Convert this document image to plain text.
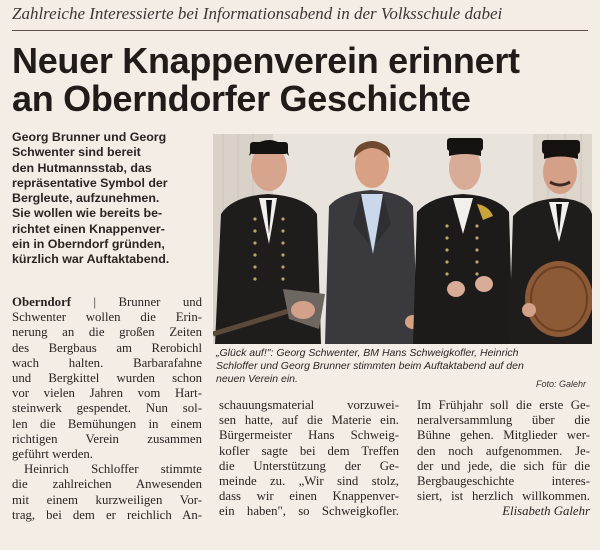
Zahlreiche Interessierte bei Informationsabend in der Volksschule dabei
Neuer Knappenverein erinnert
an Oberndorfer Geschichte
Georg Brunner und Georg
Schwenter sind bereit
den Hutmannsstab, das
repräsentative Symbol der
Bergleute, aufzunehmen.
Sie wollen wie bereits be-
richtet einen Knappenver-
ein in Oberndorf gründen,
kürzlich war Auftaktabend.
„Glück auf!": Georg Schwenter, BM Hans Schweigkofler, Heinrich
Schloffer und Georg Brunner stimmten beim Auftaktabend auf den
neuen Verein ein.	Foto: Galehr
Oberndorf | Brunner und
Schwenter wollen die Erin-
nerung an die großen Zeiten
des Bergbaus am Rerobichl
wach halten. Barbarafahne
und Bergkittel wurden schon
vor vielen Jahren vom Hart-
steinwerk gespendet. Nun sol-
len die Bemühungen in einem
richtigen Verein zusammen
geführt werden.
Heinrich Schloffer stimmte
die zahlreichen Anwesenden
mit einem kurzweiligen Vor-
trag, bei dem er reichlich An-
schauungsmaterial vorzuwei-
sen hatte, auf die Materie ein.
Bürgermeister Hans Schweig-
kofler sagte bei dem Treffen
die Unterstützung der Ge-
meinde zu. „Wir sind stolz,
dass wir einen Knappenver-
ein haben", so Schweigkofler.
Im Frühjahr soll die erste Ge-
neralversammlung über die
Bühne gehen. Mitglieder wer-
den noch aufgenommen. Je-
der und jede, die sich für die
Bergbaugeschichte interes-
siert, ist herzlich willkommen.
Elisabeth Galehr
